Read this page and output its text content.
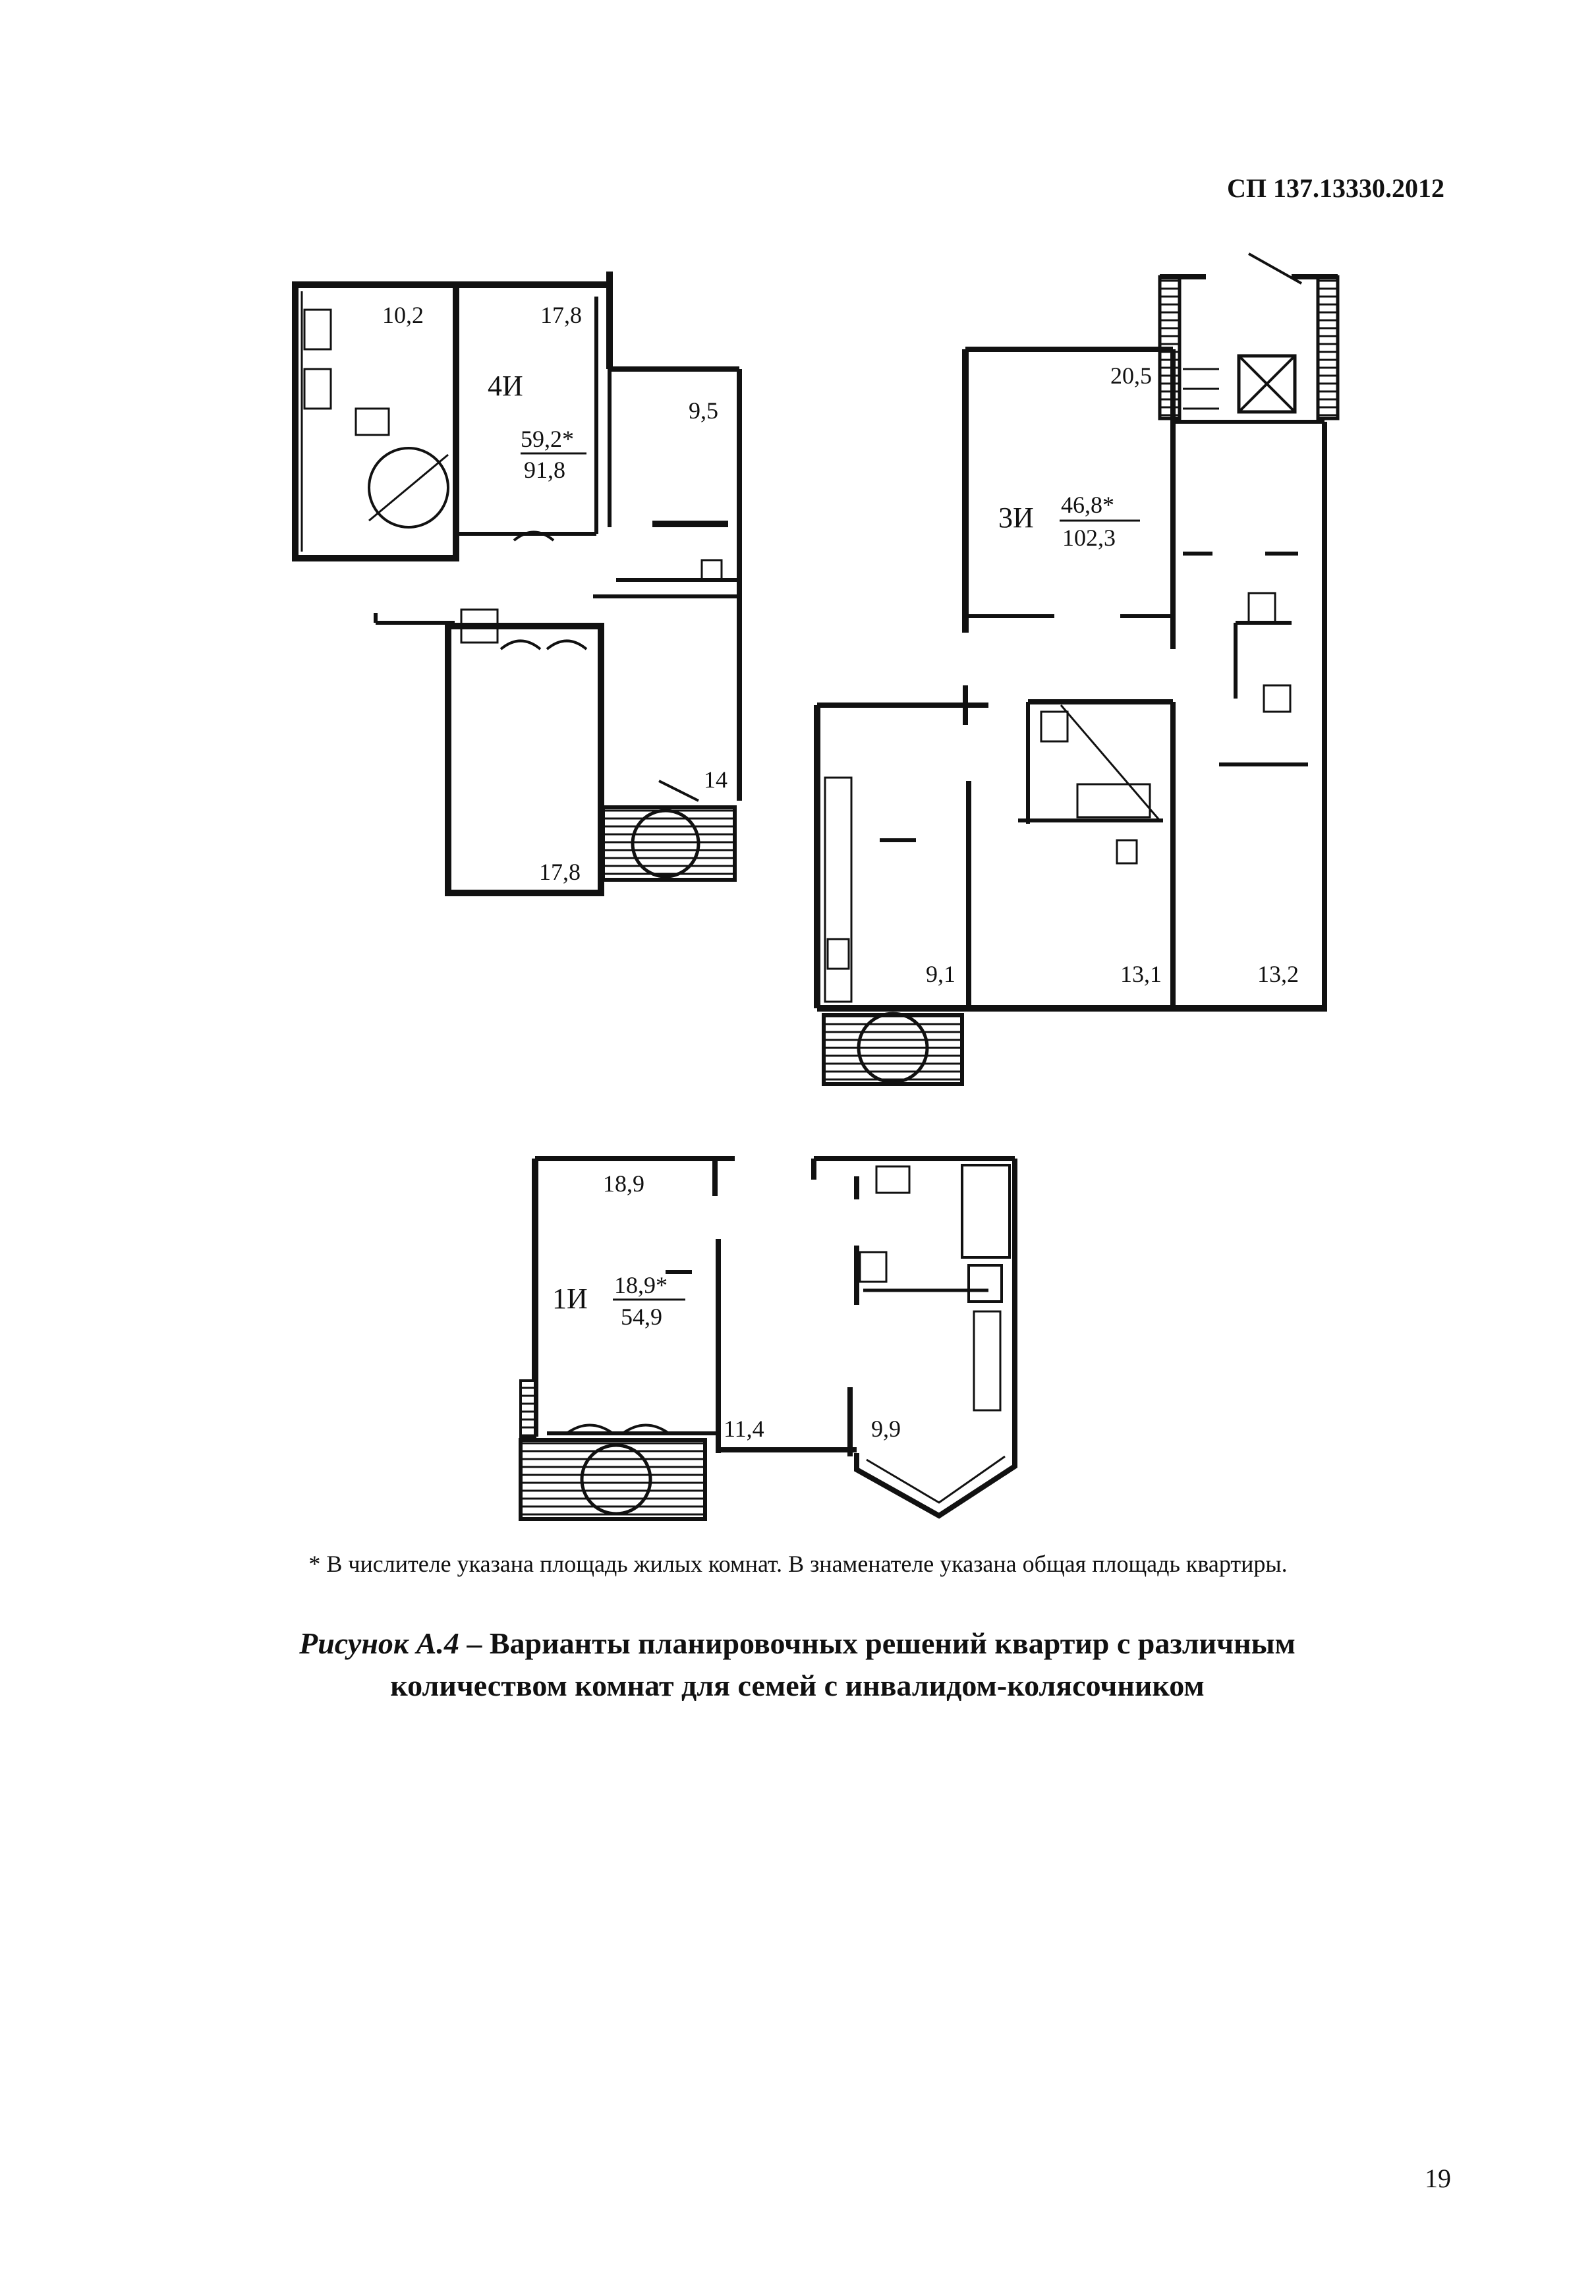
СП 137.13330.2012
10,2	17,8
4И
59,2*
91,8
9,5
17,8
14
20,5
3И 46,8*
102,3
9,1	13,1	13,2
18,9
1И 18,9*
54,9
11,4	9,9
* В числителе указана площадь жилых комнат. В знаменателе указана общая площадь квартиры.
Рисунок А.4 – Варианты планировочных решений квартир с различным количеством комнат для семей с инвалидом-колясочником
19
